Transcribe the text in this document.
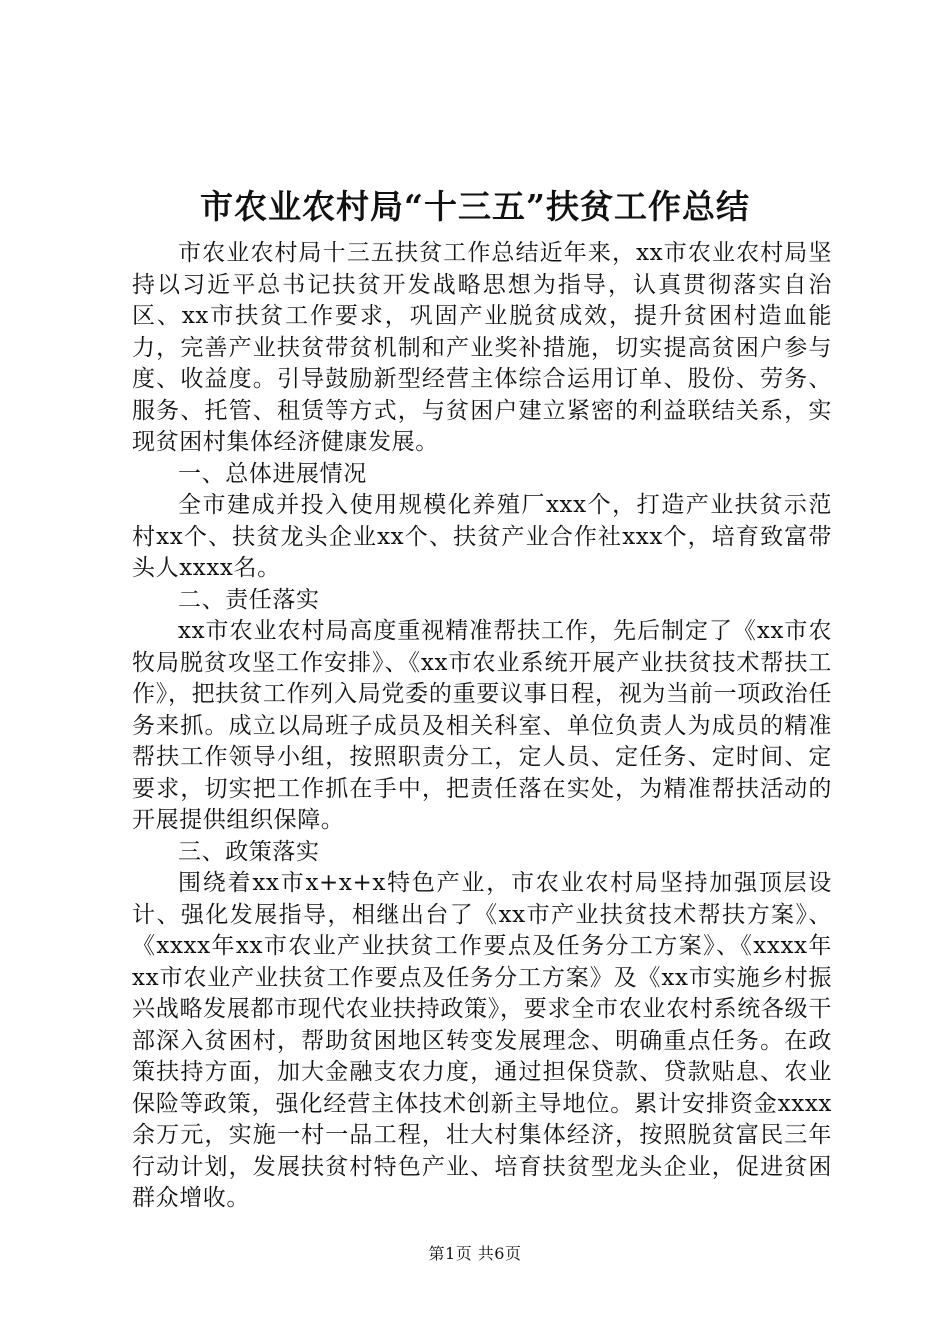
市农业农村局“十三五”扶贫工作总结

市农业农村局十三五扶贫工作总结近年来，xx市农业农村局坚持以习近平总书记扶贫开发战略思想为指导，认真贯彻落实自治区、xx市扶贫工作要求，巩固产业脱贫成效，提升贫困村造血能力，完善产业扶贫带贫机制和产业奖补措施，切实提高贫困户参与度、收益度。引导鼓励新型经营主体综合运用订单、股份、劳务、服务、托管、租赁等方式，与贫困户建立紧密的利益联结关系，实现贫困村集体经济健康发展。

一、总体进展情况

全市建成并投入使用规模化养殖厂xxx个，打造产业扶贫示范村xx个、扶贫龙头企业xx个、扶贫产业合作社xxx个，培育致富带头人xxxx名。

二、责任落实

xx市农业农村局高度重视精准帮扶工作，先后制定了《xx市农牧局脱贫攻坚工作安排》、《xx市农业系统开展产业扶贫技术帮扶工作》，把扶贫工作列入局党委的重要议事日程，视为当前一项政治任务来抓。成立以局班子成员及相关科室、单位负责人为成员的精准帮扶工作领导小组，按照职责分工，定人员、定任务、定时间、定要求，切实把工作抓在手中，把责任落在实处，为精准帮扶活动的开展提供组织保障。

三、政策落实

围绕着xx市x+x+x特色产业，市农业农村局坚持加强顶层设计、强化发展指导，相继出台了《xx市产业扶贫技术帮扶方案》、《xxxx年xx市农业产业扶贫工作要点及任务分工方案》、《xxxx年xx市农业产业扶贫工作要点及任务分工方案》及《xx市实施乡村振兴战略发展都市现代农业扶持政策》，要求全市农业农村系统各级干部深入贫困村，帮助贫困地区转变发展理念、明确重点任务。在政策扶持方面，加大金融支农力度，通过担保贷款、贷款贴息、农业保险等政策，强化经营主体技术创新主导地位。累计安排资金xxxx余万元，实施一村一品工程，壮大村集体经济，按照脱贫富民三年行动计划，发展扶贫村特色产业、培育扶贫型龙头企业，促进贫困群众增收。

第1页 共6页
